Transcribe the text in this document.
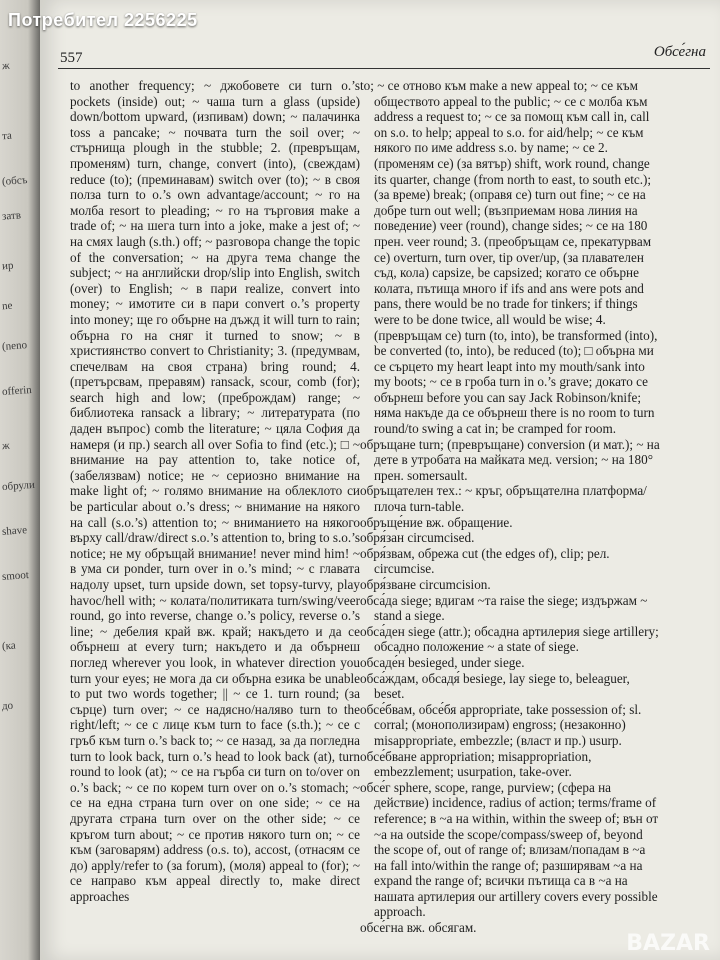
ж
та
(обсъ
затв
ир
ne
(neno
offerin
ж
обрули
shave
smoot
(ка
до
Потребител 2256225
557	Обсе́гна

to another frequency; ~ джобовете си turn o.’s pockets (inside) out; ~ чаша turn a glass (upside) down/bottom upward, (изпивам) down; ~ палачинка toss a pancake; ~ почвата turn the soil over; ~ стърнища plough in the stubble; 2. (превръщам, променям) turn, change, convert (into), (свеждам) reduce (to); (преминавам) switch over (to); ~ в своя полза turn to o.’s own advantage/account; ~ го на молба resort to pleading; ~ го на търговия make a trade of; ~ на шега turn into a joke, make a jest of; ~ на смях laugh (s.th.) off; ~ разговора change the topic of the conversation; ~ на друга тема change the subject; ~ на английски drop/slip into English, switch (over) to English; ~ в пари realize, convert into money; ~ имотите си в пари convert o.’s property into money; ще го обърне на дъжд it will turn to rain; обърна го на сняг it turned to snow; ~ в християнство convert to Christianity; 3. (предумвам, спечелвам на своя страна) bring round; 4. (претърсвам, преравям) ransack, scour, comb (for); search high and low; (преброждам) range; ~ библиотека ransack a library; ~ литературата (по даден въпрос) comb the literature; ~ цяла София да намеря (и пр.) search all over Sofia to find (etc.); □ ~ внимание на pay attention to, take notice of, (забелязвам) notice; не ~ сериозно внимание на make light of; ~ голямо внимание на облеклото си be particular about o.’s dress; ~ внимание на някого на call (s.o.’s) attention to; ~ вниманието на някого върху call/draw/direct s.o.’s attention to, bring to s.o.’s notice; не му обръщай внимание! never mind him! ~ в ума си ponder, turn over in o.’s mind; ~ с главата надолу upset, turn upside down, set topsy-turvy, play havoc/hell with; ~ колата/политиката turn/swing/veer round, go into reverse, change o.’s policy, reverse o.’s line; ~ дебелия край вж. край; накъдето и да се обърнеш at every turn; накъдето и да обърнеш поглед wherever you look, in whatever direction you turn your eyes; не мога да си обърна езика be unable to put two words together; || ~ се 1. turn round; (за сърце) turn over; ~ се надясно/наляво turn to the right/left; ~ се с лице към turn to face (s.th.); ~ се с гръб към turn o.’s back to; ~ се назад, за да погледна turn to look back, turn o.’s head to look back (at), turn round to look (at); ~ се на гърба си turn on to/over on o.’s back; ~ се по корем turn over on o.’s stomach; ~ се на една страна turn over on one side; ~ се на другата страна turn over on the other side; ~ се кръгом turn about; ~ се против някого turn on; ~ се към (заговарям) address (o.s. to), accost, (отнасям се до) apply/refer to (за forum), (моля) appeal to (for); ~ се направо към appeal directly to, make direct approaches

to; ~ се отново към make a new appeal to; ~ се към обществото appeal to the public; ~ се с молба към address a request to; ~ се за помощ към call in, call on s.o. to help; appeal to s.o. for aid/help; ~ се към някого по име address s.o. by name; ~ се 2. (променям се) (за вятър) shift, work round, change its quarter, change (from north to east, to south etc.); (за време) break; (оправя се) turn out fine; ~ се на добре turn out well; (възприемам нова линия на поведение) veer (round), change sides; ~ се на 180 прен. veer round; 3. (преобръщам се, прекатурвам се) overturn, turn over, tip over/up, (за плавателен съд, кола) capsize, be capsized; когато се обърне колата, пътища много if ifs and ans were pots and pans, there would be no trade for tinkers; if things were to be done twice, all would be wise; 4. (превръщам се) turn (to, into), be transformed (into), be converted (to, into), be reduced (to); □ обърна ми се сърцето my heart leapt into my mouth/sank into my boots; ~ се в гроба turn in o.’s grave; докато се обърнеш before you can say Jack Robinson/knife; няма накъде да се обърнеш there is no room to turn round/to swing a cat in; be cramped for room.

обръщане turn; (превръщане) conversion (и мат.); ~ на дете в утробата на майката мед. version; ~ на 180° прен. somersault.

обръщателен тех.: ~ кръг, обръщателна платформа/плоча turn-table.

обръще́ние вж. обращение.

обря́зан circumcised.

обря́звам, обрежа cut (the edges of), clip; рел. circumcise.

обря́зване circumcision.

обса́да siege; вдигам ~та raise the siege; издържам ~ stand a siege.

обса́ден siege (attr.); обсадна артилерия siege artillery; обсадно положение ~ a state of siege.

обсаде́н besieged, under siege.

обса́ждам, обсадя́ besiege, lay siege to, beleaguer, beset.

обсе́бвам, обсе́бя appropriate, take possession of; sl. corral; (монополизирам) engross; (незаконно) misappropriate, embezzle; (власт и пр.) usurp.

обсе́бване appropriation; misappropriation, embezzlement; usurpation, take-over.

обсе́г sphere, scope, range, purview; (сфера на действие) incidence, radius of action; terms/frame of reference; в ~а на within, within the sweep of; вън от ~а на outside the scope/compass/sweep of, beyond the scope of, out of range of; влизам/попадам в ~а на fall into/within the range of; разширявам ~а на expand the range of; всички пътища са в ~а на нашата артилерия our artillery covers every possible approach.

обсе́гна вж. обсягам.

BAZAR
